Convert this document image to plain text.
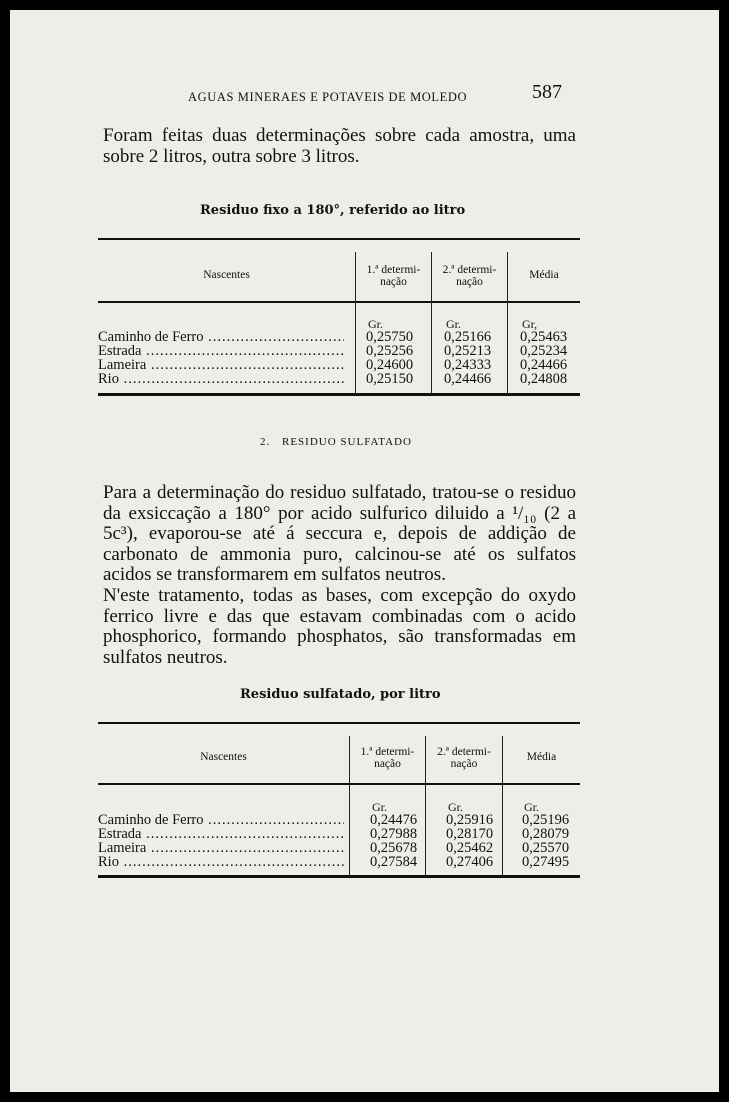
AGUAS MINERAES E POTAVEIS DE MOLEDO	587

Foram feitas duas determinações sobre cada amostra, uma sobre 2 litros, outra sobre 3 litros.

Residuo fixo a 180°, referido ao litro
Nascentes	1.ª determi-
nação
2.ª determi-
nação
Média
Gr.	Gr.	Gr,
Caminho de Ferro .....	0,25750 0,25166 0,25463
Estrada .....	0,25256 0,25213 0,25234
Lameira .....	0,24600 0,24333 0,24466
Rio .....	0,25150 0,24466 0,24808
2. RESIDUO SULFATADO

Para a determinação do residuo sulfatado, tratou-se o residuo da exsiccação a 180° por acido sulfurico diluido a ¹/₁₀ (2 a 5c³), evaporou-se até á seccura e, depois de addição de carbonato de ammonia puro, calcinou-se até os sulfatos acidos se transformarem em sulfatos neutros.

N'este tratamento, todas as bases, com excepção do oxydo ferrico livre e das que estavam combinadas com o acido phosphorico, formando phosphatos, são transformadas em sulfatos neutros.

Residuo sulfatado, por litro
Nascentes	1.ª determi-
nação
2.ª determi-
nação
Média
Gr.	Gr.	Gr.
Caminho de Ferro .....	0,24476 0,25916 0,25196
Estrada .....	0,27988 0,28170 0,28079
Lameira .....	0,25678 0,25462 0,25570
Rio .....	0,27584 0,27406 0,27495
